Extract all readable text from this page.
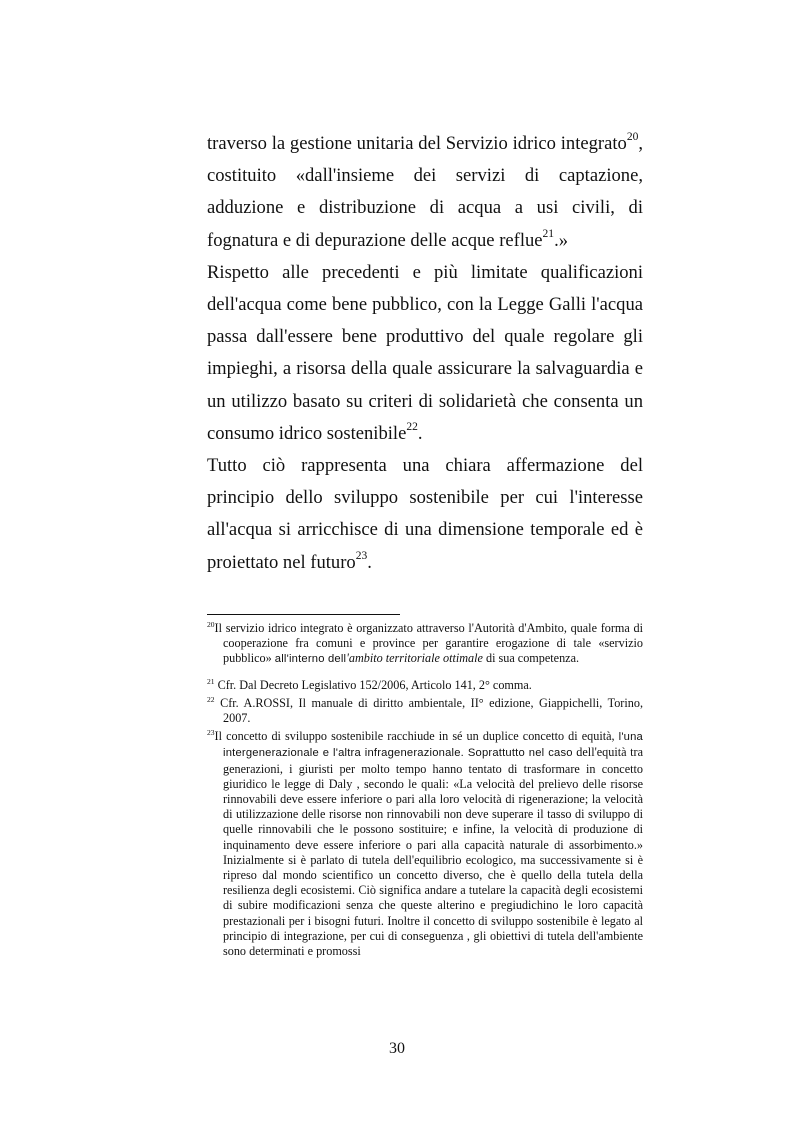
traverso la gestione unitaria del Servizio idrico integrato$^{20}$, costituito «dall'insieme dei servizi di captazione, adduzione e distribuzione di acqua a usi civili, di fognatura e di depurazione delle acque reflue$^{21}$.»

Rispetto alle precedenti e più limitate qualificazioni dell'acqua come bene pubblico, con la Legge Galli l'acqua passa dall'essere bene produttivo del quale regolare gli impieghi, a risorsa della quale assicurare la salvaguardia e un utilizzo basato su criteri di solidarietà che consenta un consumo idrico sostenibile$^{22}$.

Tutto ciò rappresenta una chiara affermazione del principio dello sviluppo sostenibile per cui l'interesse all'acqua si arricchisce di una dimensione temporale ed è proiettato nel futuro$^{23}$.

$^{20}$Il servizio idrico integrato è organizzato attraverso l'Autorità d'Ambito, quale forma di cooperazione fra comuni e province per garantire erogazione di tale «servizio pubblico» all'interno dell'ambito territoriale ottimale di sua competenza.

$^{21}$ Cfr. Dal Decreto Legislativo 152/2006, Articolo 141, 2° comma.

$^{22}$ Cfr. A.ROSSI, Il manuale di diritto ambientale, II° edizione, Giappichelli, Torino, 2007.

$^{23}$Il concetto di sviluppo sostenibile racchiude in sé un duplice concetto di equità, l'una intergenerazionale e l'altra infragenerazionale. Soprattutto nel caso dell'equità tra generazioni, i giuristi per molto tempo hanno tentato di trasformare in concetto giuridico le legge di Daly , secondo le quali: «La velocità del prelievo delle risorse rinnovabili deve essere inferiore o pari alla loro velocità di rigenerazione; la velocità di utilizzazione delle risorse non rinnovabili non deve superare il tasso di sviluppo di quelle rinnovabili che le possono sostituire; e infine, la velocità di produzione di inquinamento deve essere inferiore o pari alla capacità naturale di assorbimento.» Inizialmente si è parlato di tutela dell'equilibrio ecologico, ma successivamente si è ripreso dal mondo scientifico un concetto diverso, che è quello della tutela della resilienza degli ecosistemi. Ciò significa andare a tutelare la capacità degli ecosistemi di subire modificazioni senza che queste alterino e pregiudichino le loro capacità prestazionali per i bisogni futuri. Inoltre il concetto di sviluppo sostenibile è legato al principio di integrazione, per cui di conseguenza , gli obiettivi di tutela dell'ambiente sono determinati e promossi

30
